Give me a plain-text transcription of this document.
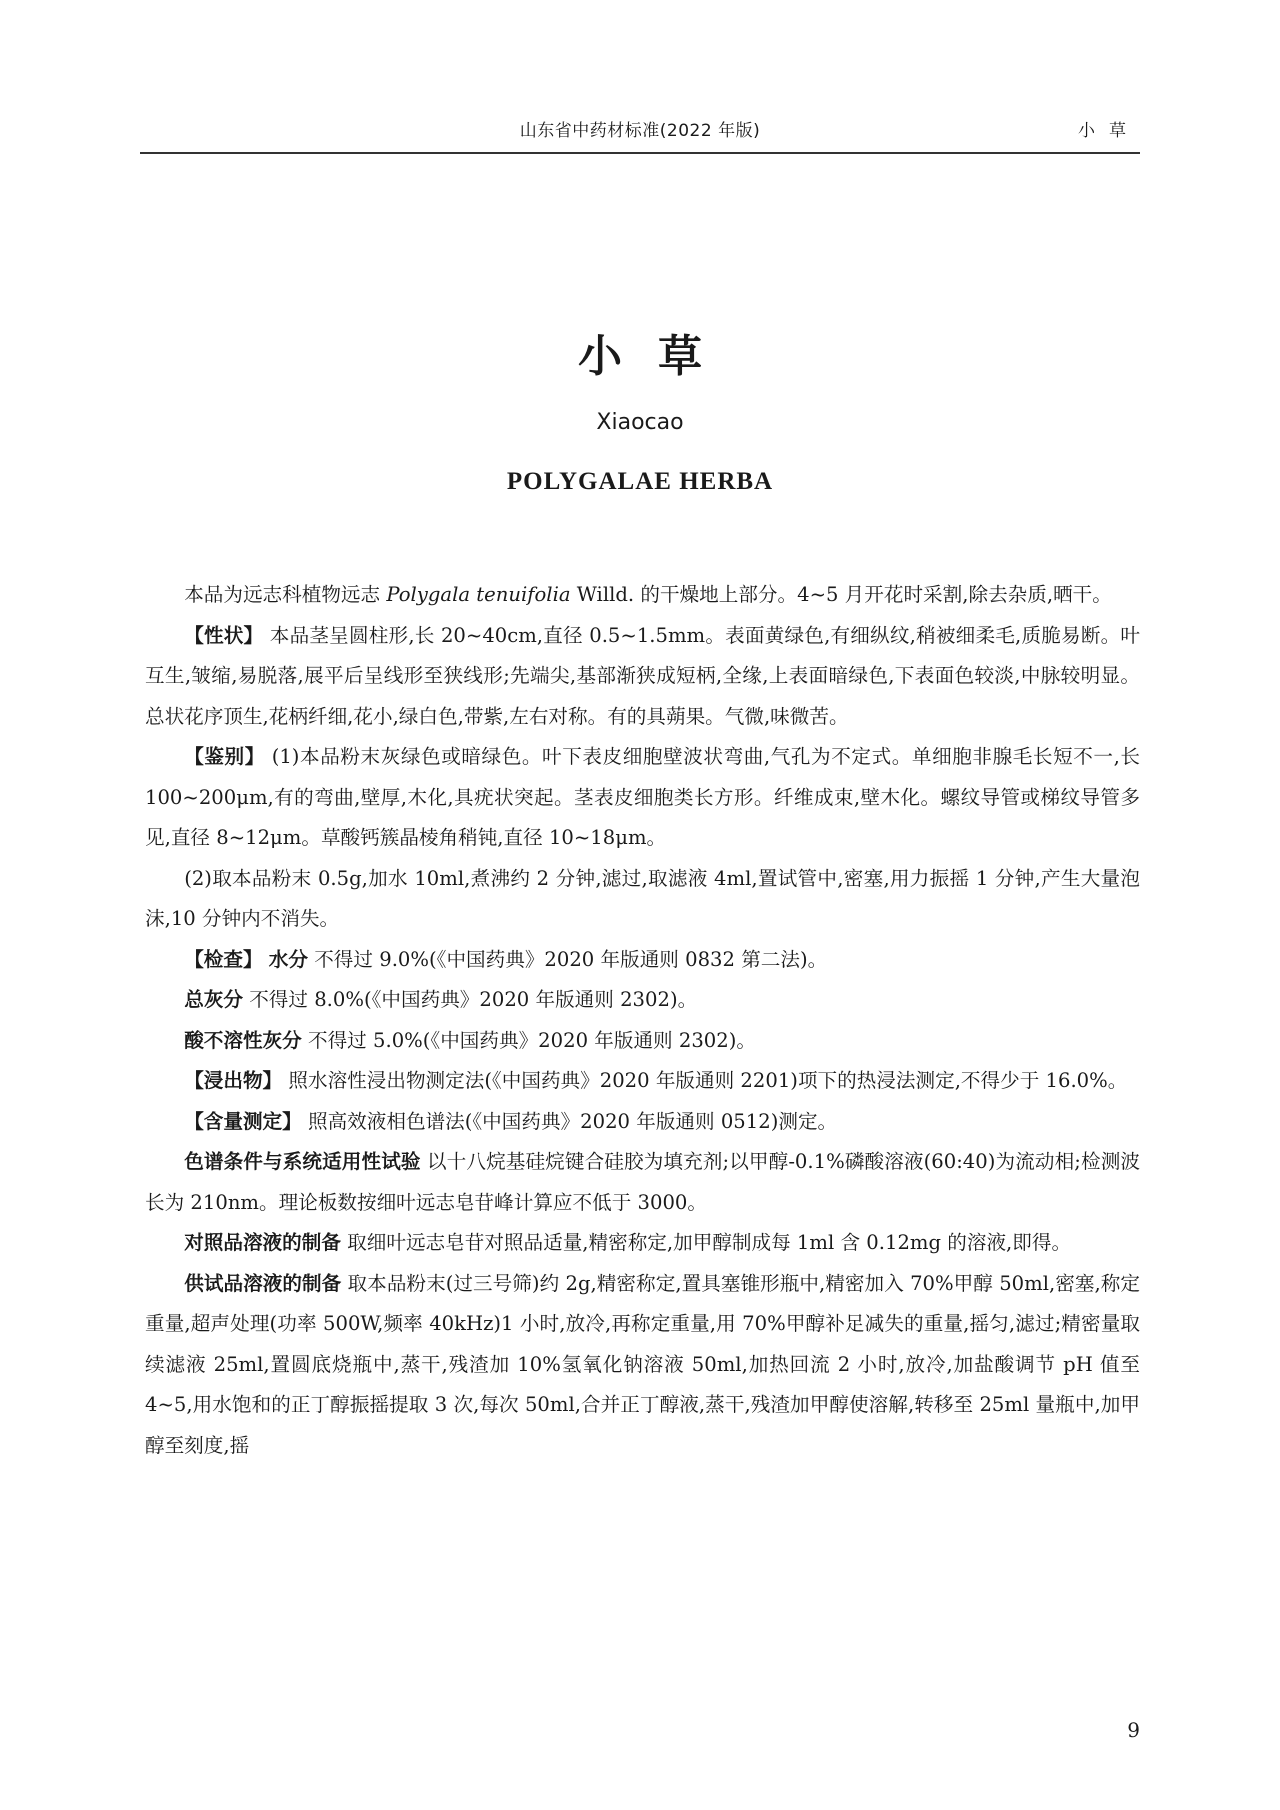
山东省中药材标准(2022 年版)	小草
小草
Xiaocao
POLYGALAE HERBA

本品为远志科植物远志 Polygala tenuifolia Willd. 的干燥地上部分。4~5 月开花时采割,除去杂质,晒干。

【性状】 本品茎呈圆柱形,长 20~40cm,直径 0.5~1.5mm。表面黄绿色,有细纵纹,稍被细柔毛,质脆易断。叶互生,皱缩,易脱落,展平后呈线形至狭线形;先端尖,基部渐狭成短柄,全缘,上表面暗绿色,下表面色较淡,中脉较明显。总状花序顶生,花柄纤细,花小,绿白色,带紫,左右对称。有的具蒴果。气微,味微苦。

【鉴别】 (1)本品粉末灰绿色或暗绿色。叶下表皮细胞壁波状弯曲,气孔为不定式。单细胞非腺毛长短不一,长 100~200μm,有的弯曲,壁厚,木化,具疣状突起。茎表皮细胞类长方形。纤维成束,壁木化。螺纹导管或梯纹导管多见,直径 8~12μm。草酸钙簇晶棱角稍钝,直径 10~18μm。

(2)取本品粉末 0.5g,加水 10ml,煮沸约 2 分钟,滤过,取滤液 4ml,置试管中,密塞,用力振摇 1 分钟,产生大量泡沫,10 分钟内不消失。

【检查】 水分 不得过 9.0%(《中国药典》2020 年版通则 0832 第二法)。

总灰分 不得过 8.0%(《中国药典》2020 年版通则 2302)。

酸不溶性灰分 不得过 5.0%(《中国药典》2020 年版通则 2302)。

【浸出物】 照水溶性浸出物测定法(《中国药典》2020 年版通则 2201)项下的热浸法测定,不得少于 16.0%。

【含量测定】 照高效液相色谱法(《中国药典》2020 年版通则 0512)测定。

色谱条件与系统适用性试验 以十八烷基硅烷键合硅胶为填充剂;以甲醇-0.1%磷酸溶液(60:40)为流动相;检测波长为 210nm。理论板数按细叶远志皂苷峰计算应不低于 3000。

对照品溶液的制备 取细叶远志皂苷对照品适量,精密称定,加甲醇制成每 1ml 含 0.12mg 的溶液,即得。

供试品溶液的制备 取本品粉末(过三号筛)约 2g,精密称定,置具塞锥形瓶中,精密加入 70%甲醇 50ml,密塞,称定重量,超声处理(功率 500W,频率 40kHz)1 小时,放冷,再称定重量,用 70%甲醇补足减失的重量,摇匀,滤过;精密量取续滤液 25ml,置圆底烧瓶中,蒸干,残渣加 10%氢氧化钠溶液 50ml,加热回流 2 小时,放冷,加盐酸调节 pH 值至 4~5,用水饱和的正丁醇振摇提取 3 次,每次 50ml,合并正丁醇液,蒸干,残渣加甲醇使溶解,转移至 25ml 量瓶中,加甲醇至刻度,摇

9
